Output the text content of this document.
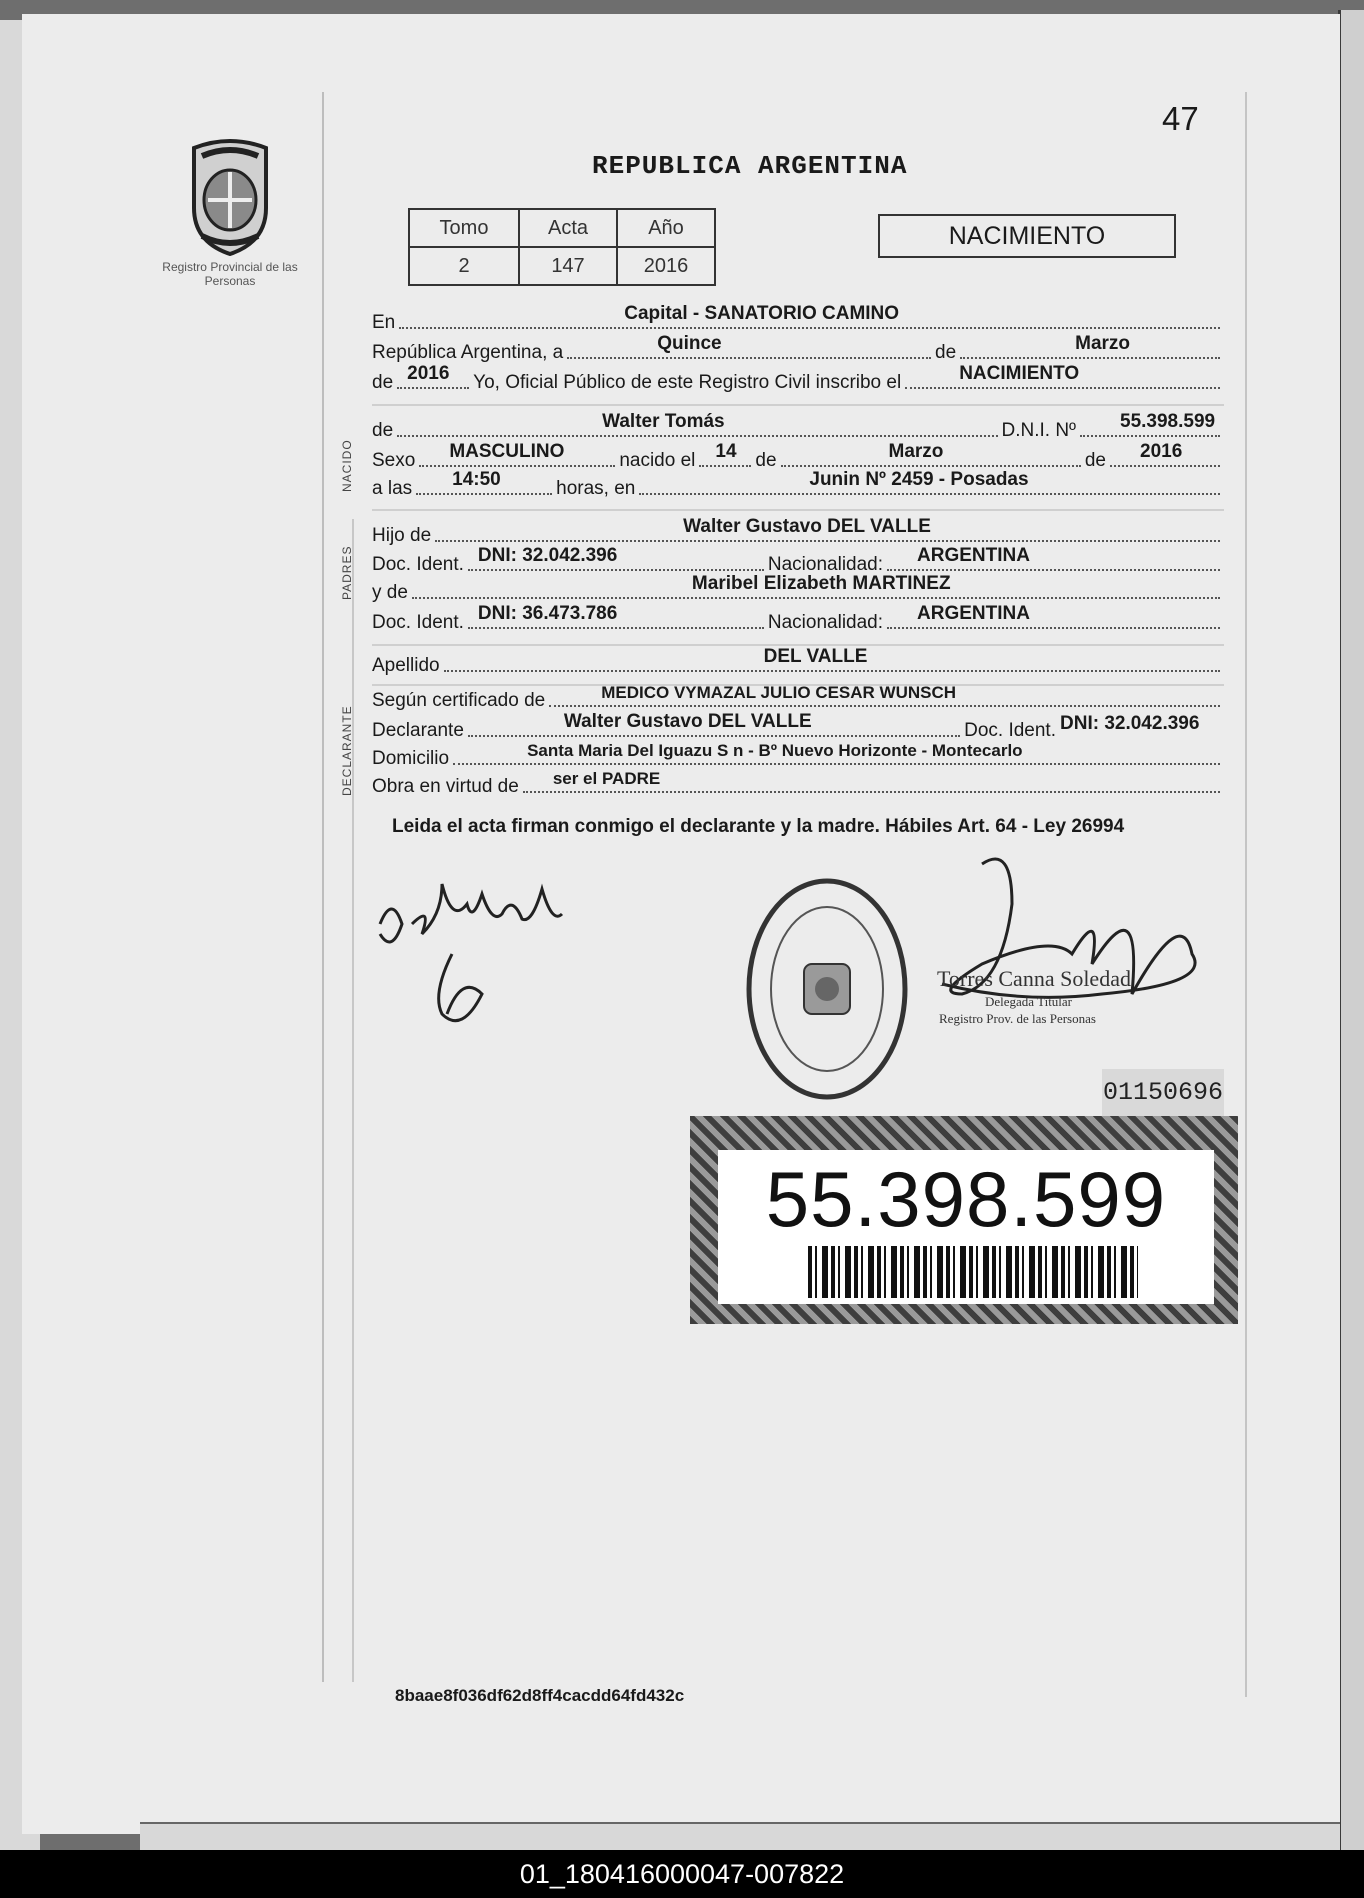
47
Registro Provincial de las Personas
REPUBLICA ARGENTINA
Tomo	Acta	Año
2	147	2016
NACIMIENTO
En	Capital - SANATORIO CAMINO
República Argentina, a	Quince	de	Marzo
de 2016 Yo, Oficial Público de este Registro Civil inscribo el	NACIMIENTO
NACIDO
de	Walter Tomás	D.N.I. Nº 55.398.599
Sexo MASCULINO	nacido el 14 de	Marzo	de 2016
a las 14:50	horas, en	Junin Nº 2459 - Posadas
PADRES
Hijo de	Walter Gustavo DEL VALLE
Doc. Ident. DNI: 32.042.396	Nacionalidad: ARGENTINA
y de	Maribel Elizabeth MARTINEZ
Doc. Ident. DNI: 36.473.786	Nacionalidad: ARGENTINA
Apellido	DEL VALLE
DECLARANTE
Según certificado de	MEDICO VYMAZAL JULIO CESAR WUNSCH
Declarante	Walter Gustavo DEL VALLE	Doc. Ident. DNI: 32.042.396
Domicilio	Santa Maria Del Iguazu S n - Bº Nuevo Horizonte - Montecarlo
Obra en virtud de ser el PADRE
Leida el acta firman conmigo el declarante y la madre. Hábiles Art. 64 - Ley 26994
Torres Canna Soledad
Delegada Titular
Registro Prov. de las Personas
01150696
55.398.599
8baae8f036df62d8ff4cacdd64fd432c
01_180416000047-007822
